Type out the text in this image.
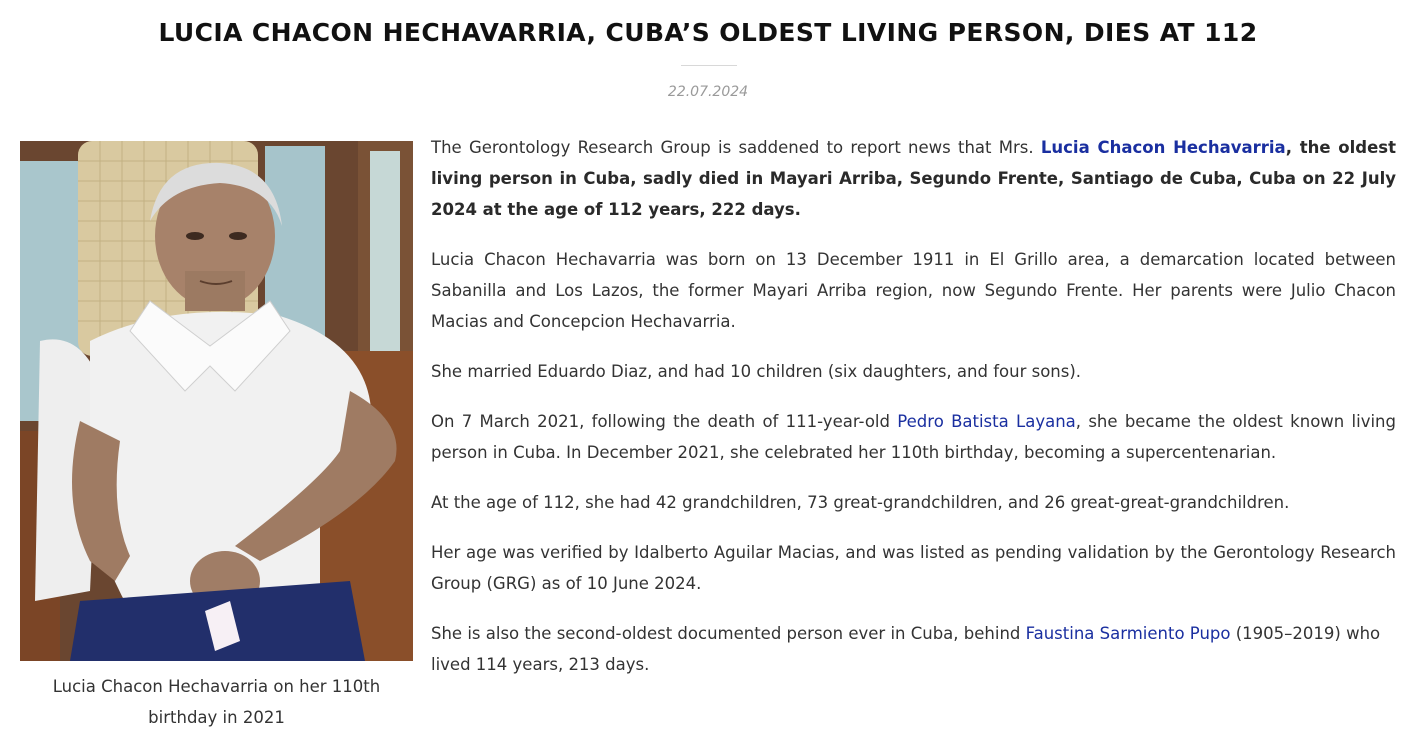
LUCIA CHACON HECHAVARRIA, CUBA’S OLDEST LIVING PERSON, DIES AT 112
22.07.2024
Lucia Chacon Hechavarria on her 110th birthday in 2021

The Gerontology Research Group is saddened to report news that Mrs. Lucia Chacon Hechavarria, the oldest living person in Cuba, sadly died in Mayari Arriba, Segundo Frente, Santiago de Cuba, Cuba on 22 July 2024 at the age of 112 years, 222 days.

Lucia Chacon Hechavarria was born on 13 December 1911 in El Grillo area, a demarcation located between Sabanilla and Los Lazos, the former Mayari Arriba region, now Segundo Frente. Her parents were Julio Chacon Macias and Concepcion Hechavarria.

She married Eduardo Diaz, and had 10 children (six daughters, and four sons).

On 7 March 2021, following the death of 111-year-old Pedro Batista Layana, she became the oldest known living person in Cuba. In December 2021, she celebrated her 110th birthday, becoming a supercentenarian.

At the age of 112, she had 42 grandchildren, 73 great-grandchildren, and 26 great-great-grandchildren.

Her age was verified by Idalberto Aguilar Macias, and was listed as pending validation by the Gerontology Research Group (GRG) as of 10 June 2024.

She is also the second-oldest documented person ever in Cuba, behind Faustina Sarmiento Pupo (1905–2019) who lived 114 years, 213 days.
